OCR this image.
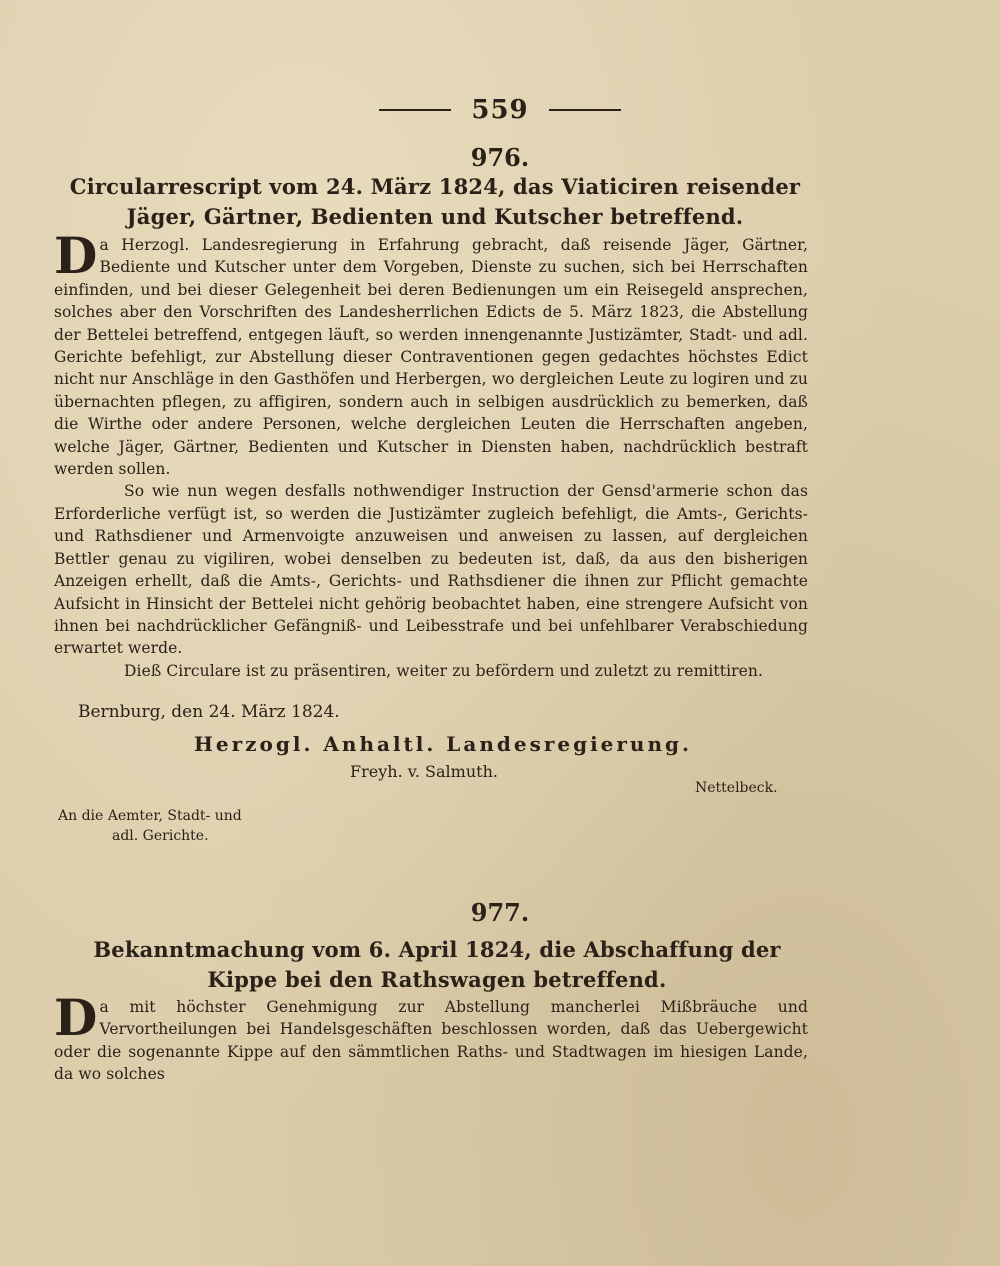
559
976.
Circularrescript vom 24. März 1824, das Viaticiren reisender Jäger, Gärtner, Bedienten und Kutscher betreffend.

Da Herzogl. Landesregierung in Erfahrung gebracht, daß reisende Jäger, Gärtner, Bediente und Kutscher unter dem Vorgeben, Dienste zu suchen, sich bei Herrschaften einfinden, und bei dieser Gelegenheit bei deren Bedienungen um ein Reisegeld ansprechen, solches aber den Vorschriften des Landesherrlichen Edicts de 5. März 1823, die Abstellung der Bettelei betreffend, entgegen läuft, so werden innengenannte Justizämter, Stadt- und adl. Gerichte befehligt, zur Abstellung dieser Contraventionen gegen gedachtes höchstes Edict nicht nur Anschläge in den Gasthöfen und Herbergen, wo dergleichen Leute zu logiren und zu übernachten pflegen, zu affigiren, sondern auch in selbigen ausdrücklich zu bemerken, daß die Wirthe oder andere Personen, welche dergleichen Leuten die Herrschaften angeben, welche Jäger, Gärtner, Bedienten und Kutscher in Diensten haben, nachdrücklich bestraft werden sollen.

So wie nun wegen desfalls nothwendiger Instruction der Gensd'armerie schon das Erforderliche verfügt ist, so werden die Justizämter zugleich befehligt, die Amts-, Gerichts- und Rathsdiener und Armenvoigte anzuweisen und anweisen zu lassen, auf dergleichen Bettler genau zu vigiliren, wobei denselben zu bedeuten ist, daß, da aus den bisherigen Anzeigen erhellt, daß die Amts-, Gerichts- und Rathsdiener die ihnen zur Pflicht gemachte Aufsicht in Hinsicht der Bettelei nicht gehörig beobachtet haben, eine strengere Aufsicht von ihnen bei nachdrücklicher Gefängniß- und Leibesstrafe und bei unfehlbarer Verabschiedung erwartet werde.

Dieß Circulare ist zu präsentiren, weiter zu befördern und zuletzt zu remittiren.

Bernburg, den 24. März 1824.
Herzogl. Anhaltl. Landesregierung.
Freyh. v. Salmuth.
Nettelbeck.
An die Aemter, Stadt- und
adl. Gerichte.
977.
Bekanntmachung vom 6. April 1824, die Abschaffung der Kippe bei den Rathswagen betreffend.

Da mit höchster Genehmigung zur Abstellung mancherlei Mißbräuche und Vervortheilungen bei Handelsgeschäften beschlossen worden, daß das Uebergewicht oder die sogenannte Kippe auf den sämmtlichen Raths- und Stadtwagen im hiesigen Lande, da wo solches
